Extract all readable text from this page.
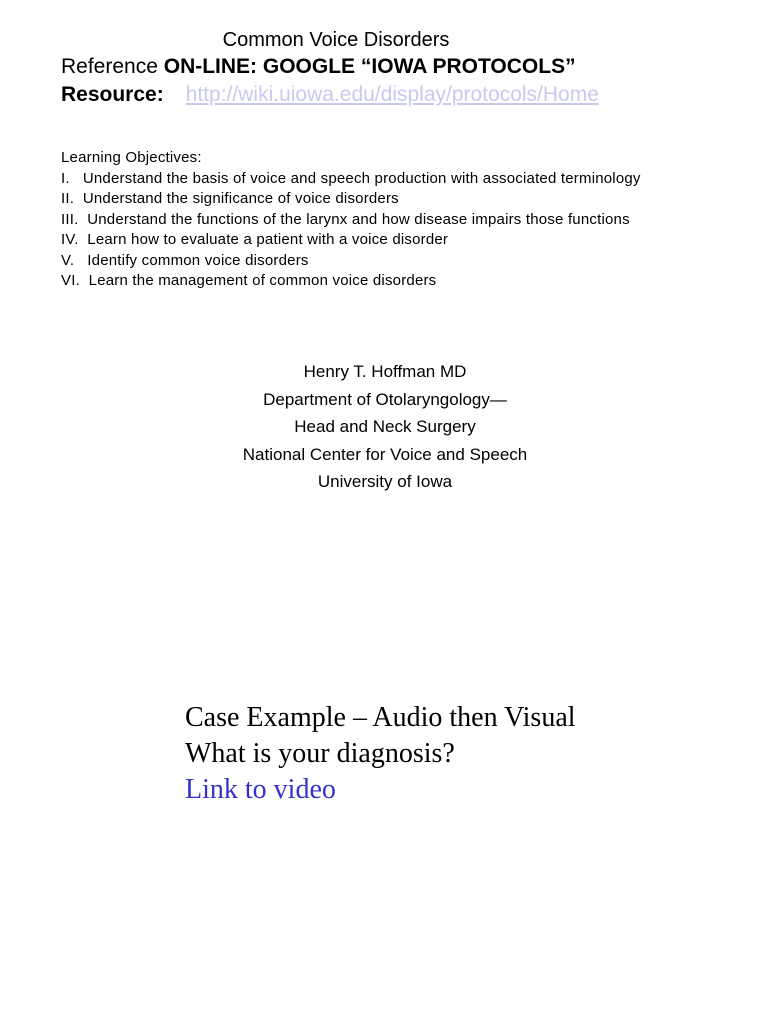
Common Voice Disorders
Reference ON-LINE: GOOGLE “IOWA PROTOCOLS”
Resource: http://wiki.uiowa.edu/display/protocols/Home

Learning Objectives:

I.   Understand the basis of voice and speech production with associated terminology
II.  Understand the significance of voice disorders
III.  Understand the functions of the larynx and how disease impairs those functions
IV.  Learn how to evaluate a patient with a voice disorder
V.   Identify common voice disorders
VI.  Learn the management of common voice disorders
Henry T. Hoffman MD
Department of Otolaryngology—
Head and Neck Surgery
National Center for Voice and Speech
University of Iowa
Case Example – Audio then Visual
What is your diagnosis?
Link to video
